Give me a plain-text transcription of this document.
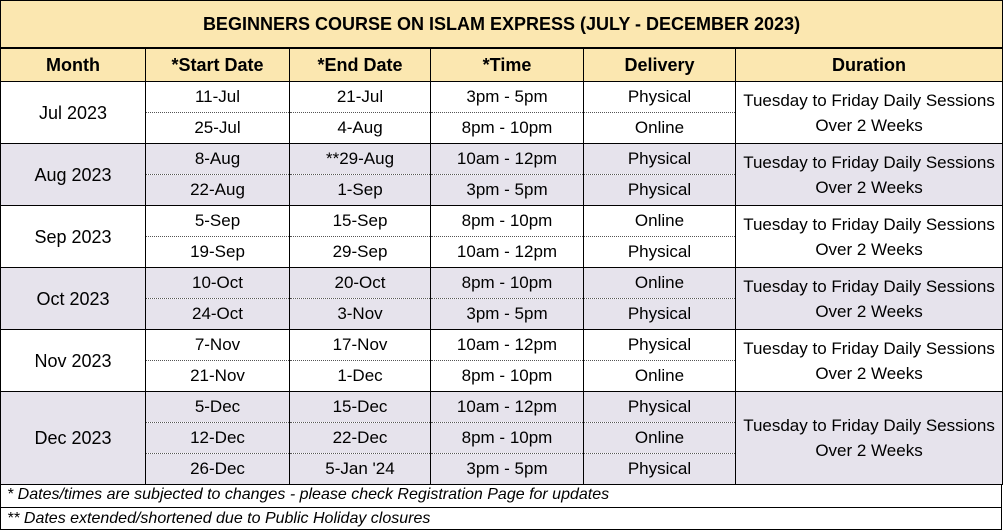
BEGINNERS COURSE ON ISLAM EXPRESS (JULY - DECEMBER 2023)					
Month	*Start Date	*End Date	*Time	Delivery	Duration
Jul 2023	11-Jul	21-Jul	3pm - 5pm	Physical	Tuesday to Friday Daily Sessions Over 2 Weeks
	25-Jul	4-Aug	8pm - 10pm	Online	
Aug 2023	8-Aug	**29-Aug	10am - 12pm	Physical	Tuesday to Friday Daily Sessions Over 2 Weeks
	22-Aug	1-Sep	3pm - 5pm	Physical	
Sep 2023	5-Sep	15-Sep	8pm - 10pm	Online	Tuesday to Friday Daily Sessions Over 2 Weeks
	19-Sep	29-Sep	10am - 12pm	Physical	
Oct 2023	10-Oct	20-Oct	8pm - 10pm	Online	Tuesday to Friday Daily Sessions Over 2 Weeks
	24-Oct	3-Nov	3pm - 5pm	Physical	
Nov 2023	7-Nov	17-Nov	10am - 12pm	Physical	Tuesday to Friday Daily Sessions Over 2 Weeks
	21-Nov	1-Dec	8pm - 10pm	Online	
Dec 2023	5-Dec	15-Dec	10am - 12pm	Physical	Tuesday to Friday Daily Sessions Over 2 Weeks
	12-Dec	22-Dec	8pm - 10pm	Online	
	26-Dec	5-Jan '24	3pm - 5pm	Physical	
* Dates/times are subjected to changes - please check Registration Page for updates
** Dates extended/shortened due to Public Holiday closures
